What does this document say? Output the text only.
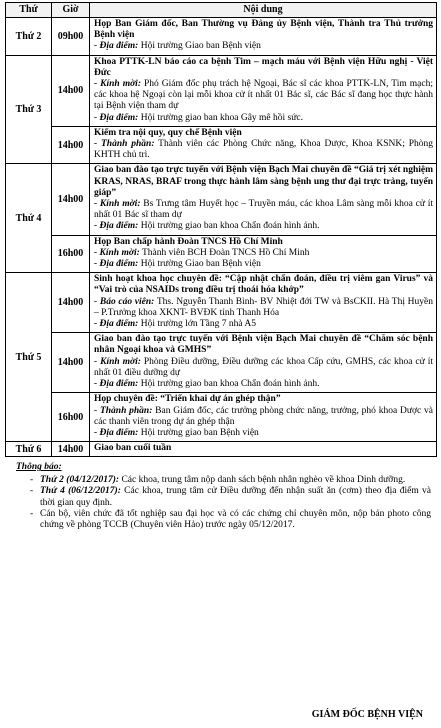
Thứ	Giờ	Nội dung
Thứ 2	09h00	Họp Ban Giám đốc, Ban Thường vụ Đảng ủy Bệnh viện, Thành tra Thủ trưởng Bệnh viện
- Địa điểm: Hội trường Giao ban Bệnh viện

Thứ 3	14h00	Khoa PTTK-LN báo cáo ca bệnh Tim – mạch máu với Bệnh viện Hữu nghị - Việt Đức
- Kính mời: Phó Giám đốc phụ trách hệ Ngoại, Bác sĩ các khoa PTTK-LN, Tim mạch; các khoa hệ Ngoại còn lại mỗi khoa cử ít nhất 01 Bác sĩ, các Bác sĩ đang học thực hành tại Bệnh viện tham dự
- Địa điểm: Hội trường giao ban khoa Gây mê hồi sức.

	14h00	Kiểm tra nội quy, quy chế Bệnh viện
- Thành phần: Thành viên các Phòng Chức năng, Khoa Dược, Khoa KSNK; Phòng KHTH chủ trì.

Thứ 4	14h00	Giao ban đào tạo trực tuyến với Bệnh viện Bạch Mai chuyên đề “Giá trị xét nghiệm KRAS, NRAS, BRAF trong thực hành lâm sàng bệnh ung thư đại trực tràng, tuyến giáp”
- Kính mời: Bs Trưng tâm Huyết học – Truyền máu, các khoa Lâm sàng mỗi khoa cử ít nhất 01 Bác sĩ tham dự
- Địa điểm: Hội trường giao ban khoa Chẩn đoán hình ảnh.

	16h00	Họp Ban chấp hành Đoàn TNCS Hồ Chí Minh
- Kính mời: Thành viên BCH Đoàn TNCS Hồ Chí Minh
- Địa điểm: Hội trường Giao ban Bệnh viện

Thứ 5	14h00	Sinh hoạt khoa học chuyên đề: “Cập nhật chẩn đoán, điều trị viêm gan Virus” và “Vai trò của NSAIDs trong điều trị thoái hóa khớp”
- Báo cáo viên: Ths. Nguyễn Thanh Bình- BV Nhiệt đới TW và BsCKII. Hà Thị Huyền – P.Trưởng khoa XKNT- BVĐK tỉnh Thanh Hóa
- Địa điểm: Hội trường lớn Tầng 7 nhà A5

	14h00	Giao ban đào tạo trực tuyến với Bệnh viện Bạch Mai chuyên đề “Chăm sóc bệnh nhân Ngoại khoa và GMHS”
- Kính mời: Phòng Điều dưỡng, Điều dưỡng các khoa Cấp cứu, GMHS, các khoa cử ít nhất 01 điều dưỡng dự
- Địa điểm: Hội trường giao ban khoa Chẩn đoán hình ảnh.

	16h00	Họp chuyên đề: “Triển khai dự án ghép thận”
- Thành phần: Ban Giám đốc, các trưởng phòng chức năng, trưởng, phó khoa Dược và các thanh viên trong dự án ghép thận
- Địa điểm: Hội trường giao ban Bệnh viện

Thứ 6	14h00	Giao ban cuối tuần
Thông báo:
- Thứ 2 (04/12/2017): Các khoa, trung tâm nộp danh sách bệnh nhân nghèo về khoa Dinh dưỡng.
- Thứ 4 (06/12/2017): Các khoa, trung tâm cử Điều dưỡng đến nhận suất ăn (cơm) theo địa điểm và thời gian quy định.
- Cán bộ, viên chức đã tốt nghiệp sau đại học và có các chứng chỉ chuyên môn, nộp bản photo công chứng về phòng TCCB (Chuyên viên Hảo) trước ngày 05/12/2017.
GIÁM ĐỐC BỆNH VIỆN
